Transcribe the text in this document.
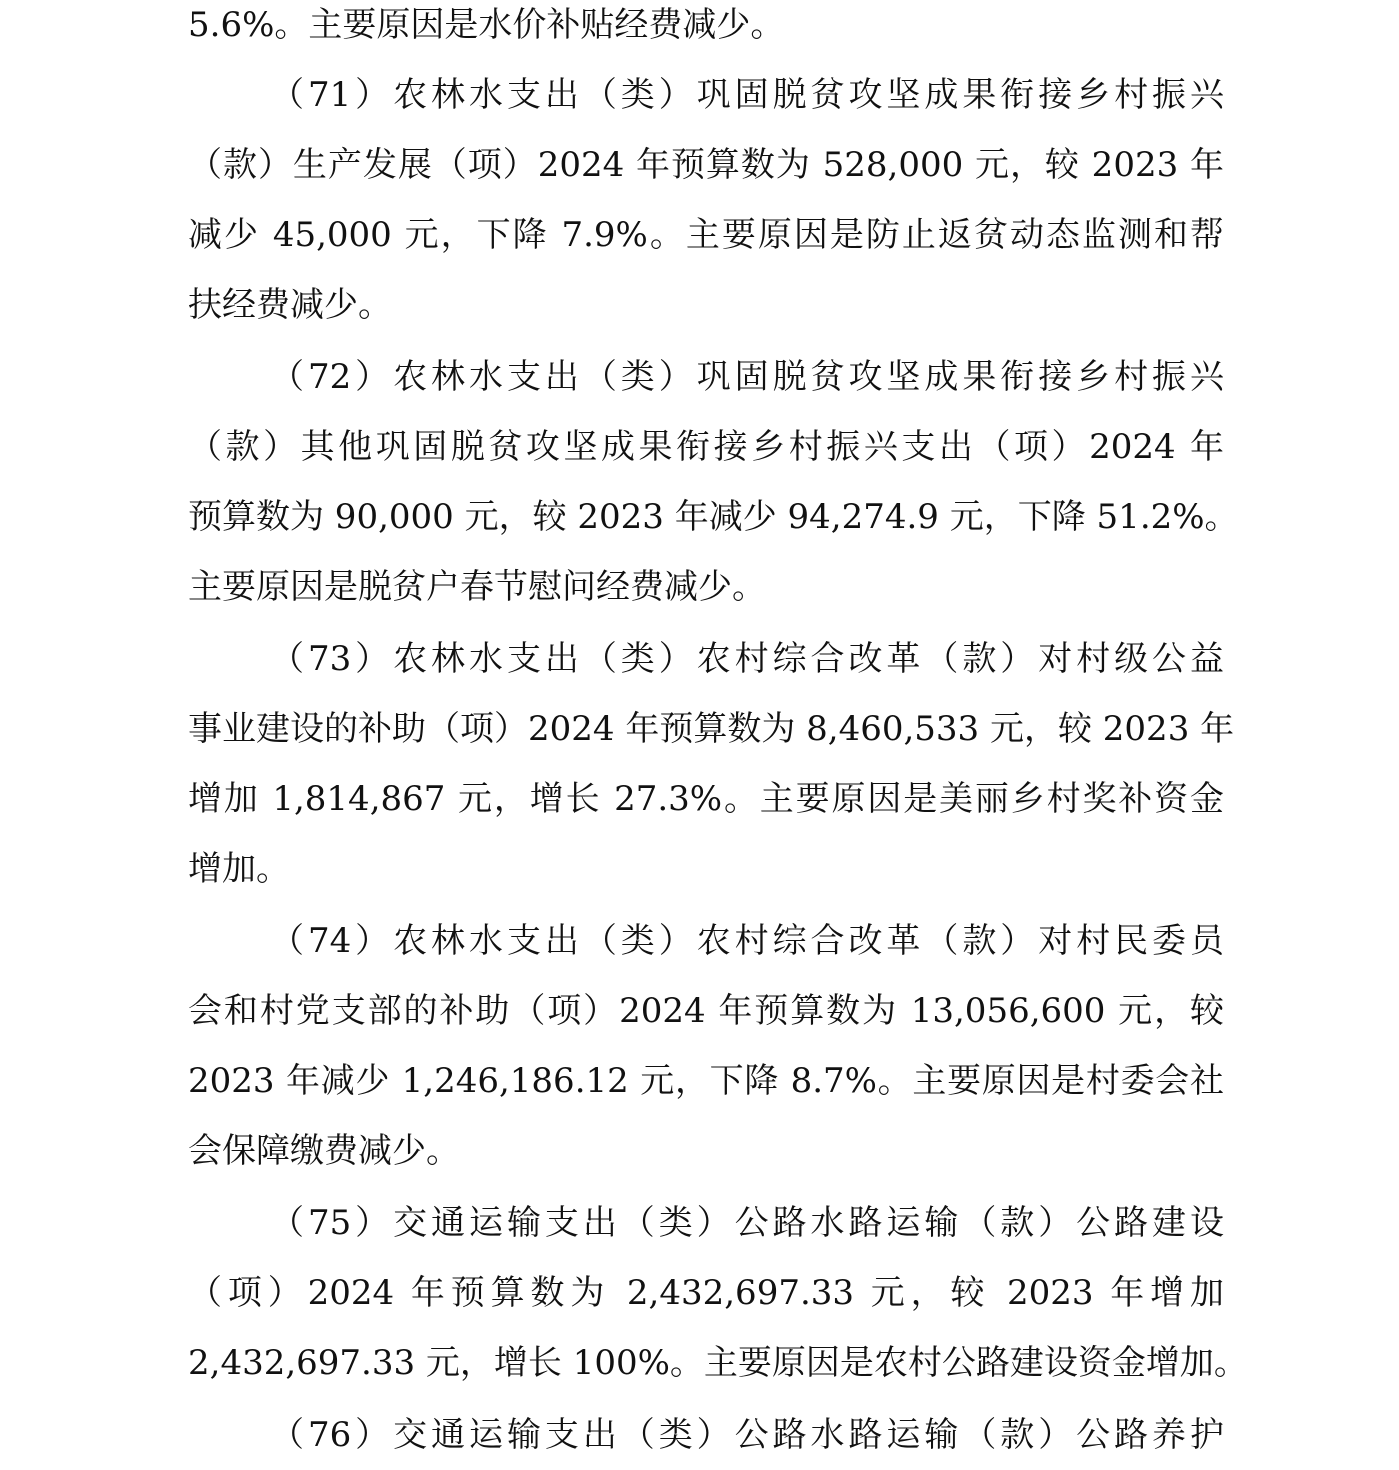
5.6%。主要原因是水价补贴经费减少。
（71）农林水支出（类）巩固脱贫攻坚成果衔接乡村振兴
（款）生产发展（项）2024 年预算数为 528,000 元，较 2023 年
减少 45,000 元，下降 7.9%。主要原因是防止返贫动态监测和帮
扶经费减少。
（72）农林水支出（类）巩固脱贫攻坚成果衔接乡村振兴
（款）其他巩固脱贫攻坚成果衔接乡村振兴支出（项）2024 年
预算数为 90,000 元，较 2023 年减少 94,274.9 元，下降 51.2%。
主要原因是脱贫户春节慰问经费减少。
（73）农林水支出（类）农村综合改革（款）对村级公益
事业建设的补助（项）2024 年预算数为 8,460,533 元，较 2023 年
增加 1,814,867 元，增长 27.3%。主要原因是美丽乡村奖补资金
增加。
（74）农林水支出（类）农村综合改革（款）对村民委员
会和村党支部的补助（项）2024 年预算数为 13,056,600 元，较
2023 年减少 1,246,186.12 元，下降 8.7%。主要原因是村委会社
会保障缴费减少。
（75）交通运输支出（类）公路水路运输（款）公路建设
（项）2024 年预算数为 2,432,697.33 元，较 2023 年增加
2,432,697.33 元，增长 100%。主要原因是农村公路建设资金增加。
（76）交通运输支出（类）公路水路运输（款）公路养护
